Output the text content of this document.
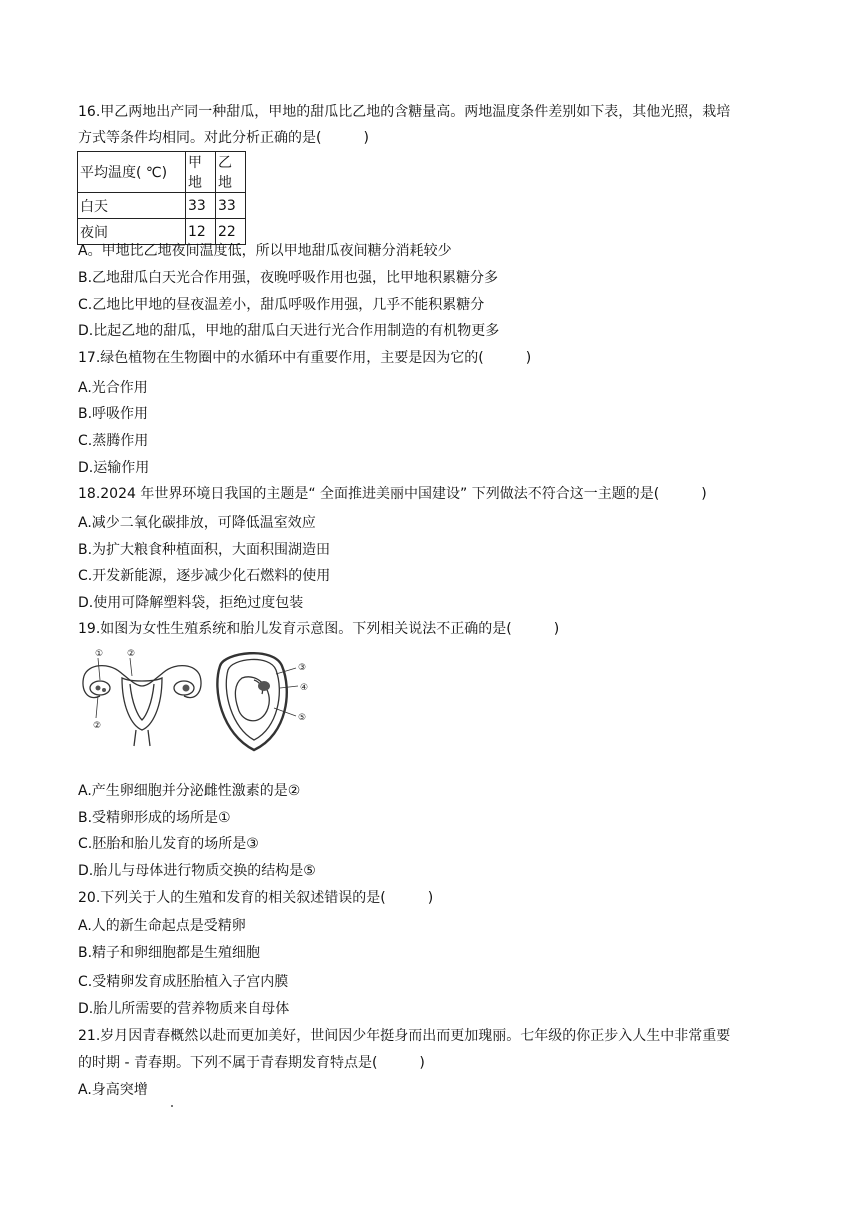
16.甲乙两地出产同一种甜瓜，甲地的甜瓜比乙地的含糖量高。两地温度条件差别如下表，其他光照，栽培
方式等条件均相同。对此分析正确的是(　　　)
平均温度( ℃)	甲地	乙地
白天	33	33
夜间	12	22
A。甲地比乙地夜间温度低，所以甲地甜瓜夜间糖分消耗较少
B.乙地甜瓜白天光合作用强，夜晚呼吸作用也强，比甲地积累糖分多
C.乙地比甲地的昼夜温差小，甜瓜呼吸作用强，几乎不能积累糖分
D.比起乙地的甜瓜，甲地的甜瓜白天进行光合作用制造的有机物更多
17.绿色植物在生物圈中的水循环中有重要作用，主要是因为它的(　　　)
A.光合作用
B.呼吸作用
C.蒸腾作用
D.运输作用
18.2024 年世界环境日我国的主题是“ 全面推进美丽中国建设” 下列做法不符合这一主题的是(　　　)
A.减少二氧化碳排放，可降低温室效应
B.为扩大粮食种植面积，大面积围湖造田
C.开发新能源，逐步减少化石燃料的使用
D.使用可降解塑料袋，拒绝过度包装
19.如图为女性生殖系统和胎儿发育示意图。下列相关说法不正确的是(　　　)
①	②
②
③
④
⑤
A.产生卵细胞并分泌雌性激素的是②
B.受精卵形成的场所是①
C.胚胎和胎儿发育的场所是③
D.胎儿与母体进行物质交换的结构是⑤
20.下列关于人的生殖和发育的相关叙述错误的是(　　　)
A.人的新生命起点是受精卵
B.精子和卵细胞都是生殖细胞
C.受精卵发育成胚胎植入子宫内膜
D.胎儿所需要的营养物质来自母体
21.岁月因青春概然以赴而更加美好，世间因少年挺身而出而更加瑰丽。七年级的你正步入人生中非常重要
的时期 - 青春期。下列不属于青春期发育特点是(　　　)
A.身高突增
